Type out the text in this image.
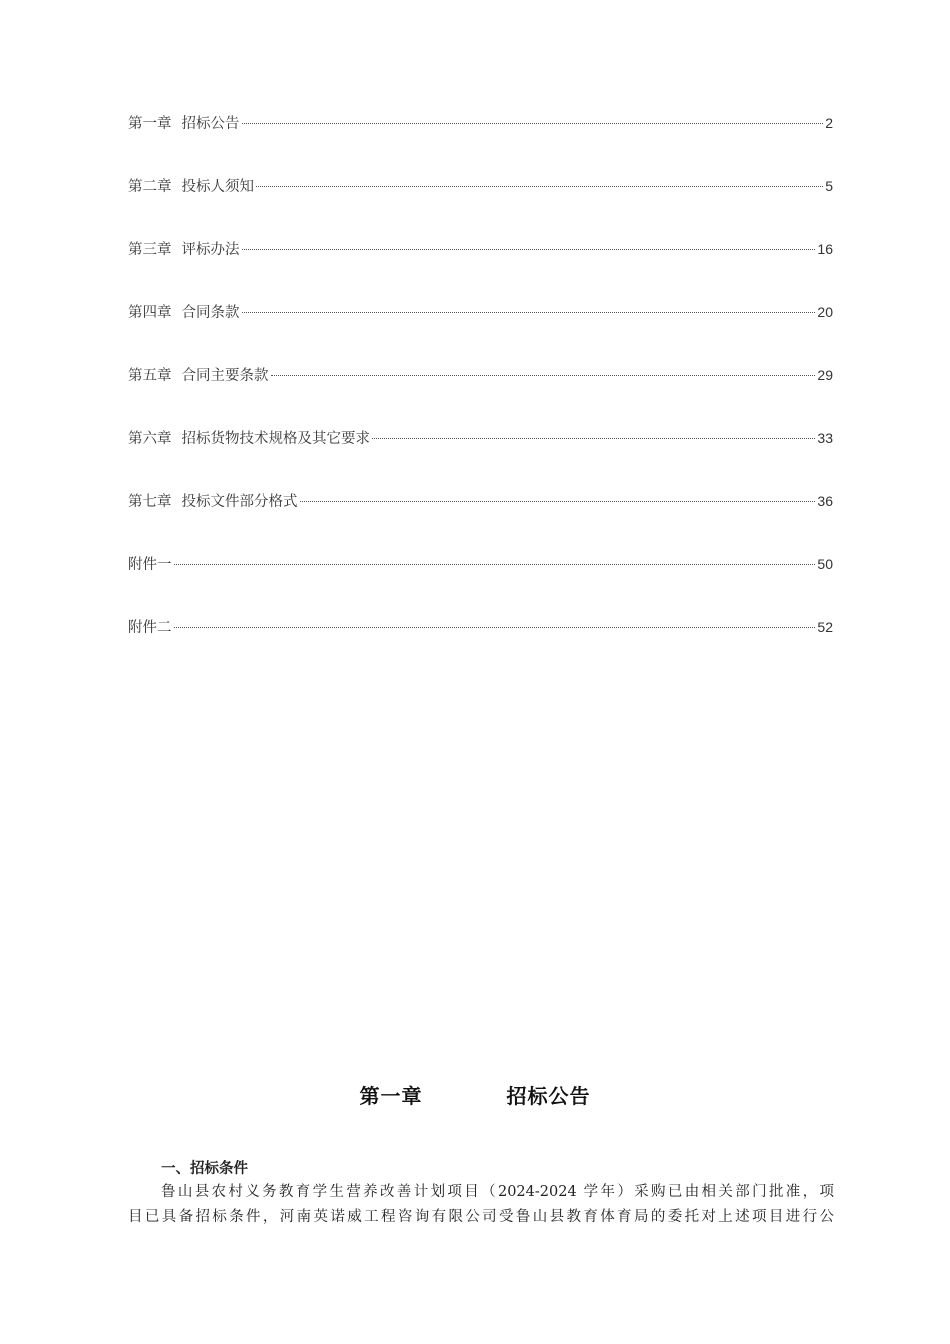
第一章 招标公告	2
第二章 投标人须知	5
第三章 评标办法	16
第四章 合同条款	20
第五章 合同主要条款	29
第六章 招标货物技术规格及其它要求	33
第七章 投标文件部分格式	36
附件一	50
附件二	52
第一章	招标公告
一、招标条件
鲁山县农村义务教育学生营养改善计划项目（2024-2024 学年）采购已由相关部门批准，项
目已具备招标条件，河南英诺威工程咨询有限公司受鲁山县教育体育局的委托对上述项目进行公
